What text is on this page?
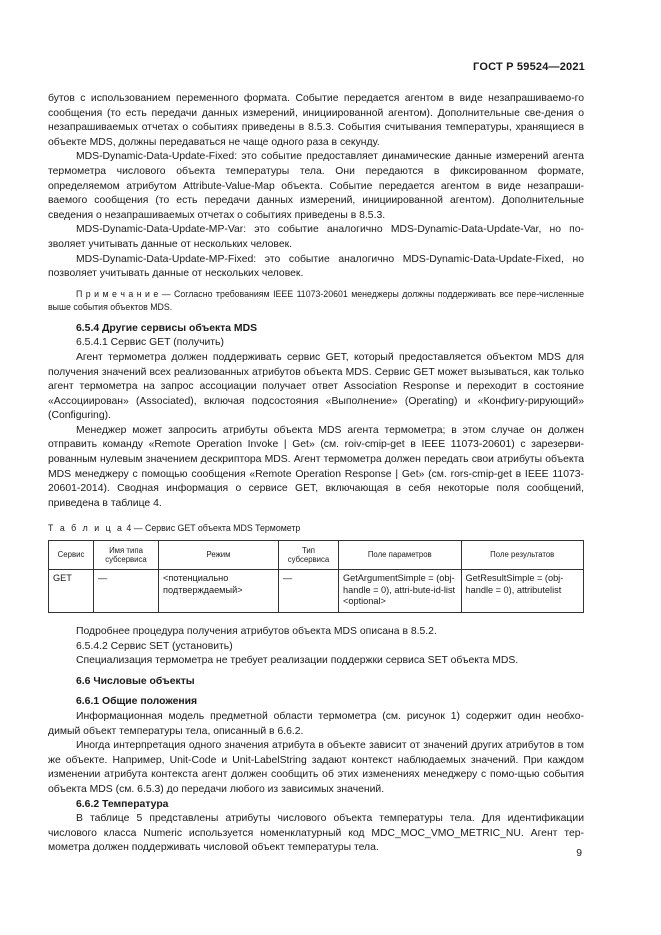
ГОСТ Р 59524—2021

бутов с использованием переменного формата. Событие передается агентом в виде незапрашиваемо-го сообщения (то есть передачи данных измерений, инициированной агентом). Дополнительные све-дения о незапрашиваемых отчетах о событиях приведены в 8.5.3. События считывания температуры, хранящиеся в объекте MDS, должны передаваться не чаще одного раза в секунду.

MDS-Dynamic-Data-Update-Fixed: это событие предоставляет динамические данные измерений агента термометра числового объекта температуры тела. Они передаются в фиксированном формате, определяемом атрибутом Attribute-Value-Map объекта. Событие передается агентом в виде незапраши-ваемого сообщения (то есть передачи данных измерений, инициированной агентом). Дополнительные сведения о незапрашиваемых отчетах о событиях приведены в 8.5.3.

MDS-Dynamic-Data-Update-MP-Var: это событие аналогично MDS-Dynamic-Data-Update-Var, но по-зволяет учитывать данные от нескольких человек.

MDS-Dynamic-Data-Update-MP-Fixed: это событие аналогично MDS-Dynamic-Data-Update-Fixed, но позволяет учитывать данные от нескольких человек.

П р и м е ч а н и е — Согласно требованиям IEEE 11073-20601 менеджеры должны поддерживать все пере-численные выше события объектов MDS.

6.5.4 Другие сервисы объекта MDS

6.5.4.1 Сервис GET (получить)

Агент термометра должен поддерживать сервис GET, который предоставляется объектом MDS для получения значений всех реализованных атрибутов объекта MDS. Сервис GET может вызываться, как только агент термометра на запрос ассоциации получает ответ Association Response и переходит в состояние «Ассоциирован» (Associated), включая подсостояния «Выполнение» (Operating) и «Конфигу-рирующий» (Configuring).

Менеджер может запросить атрибуты объекта MDS агента термометра; в этом случае он должен отправить команду «Remote Operation Invoke | Get» (см. roiv-cmip-get в IEEE 11073-20601) с зарезерви-рованным нулевым значением дескриптора MDS. Агент термометра должен передать свои атрибуты объекта MDS менеджеру с помощью сообщения «Remote Operation Response | Get» (см. rors-cmip-get в IEEE 11073-20601-2014). Сводная информация о сервисе GET, включающая в себя некоторые поля сообщений, приведена в таблице 4.

Т а б л и ц а 4 — Сервис GET объекта MDS Термометр

Сервис	Имя типа субсервиса	Режим	Тип субсервиса	Поле параметров	Поле результатов
GET	—	<потенциально подтверждаемый>	—	GetArgumentSimple = (obj-handle = 0), attri-bute-id-list <optional>	GetResultSimple = (obj-handle = 0), attributelist

Подробнее процедура получения атрибутов объекта MDS описана в 8.5.2.

6.5.4.2 Сервис SET (установить)

Специализация термометра не требует реализации поддержки сервиса SET объекта MDS.

6.6 Числовые объекты

6.6.1 Общие положения

Информационная модель предметной области термометра (см. рисунок 1) содержит один необхо-димый объект температуры тела, описанный в 6.6.2.

Иногда интерпретация одного значения атрибута в объекте зависит от значений других атрибутов в том же объекте. Например, Unit-Code и Unit-LabelString задают контекст наблюдаемых значений. При каждом изменении атрибута контекста агент должен сообщить об этих изменениях менеджеру с помо-щью события объекта MDS (см. 6.5.3) до передачи любого из зависимых значений.

6.6.2 Температура

В таблице 5 представлены атрибуты числового объекта температуры тела. Для идентификации числового класса Numeric используется номенклатурный код MDC_MOC_VMO_METRIC_NU. Агент тер-мометра должен поддерживать числовой объект температуры тела.

9
